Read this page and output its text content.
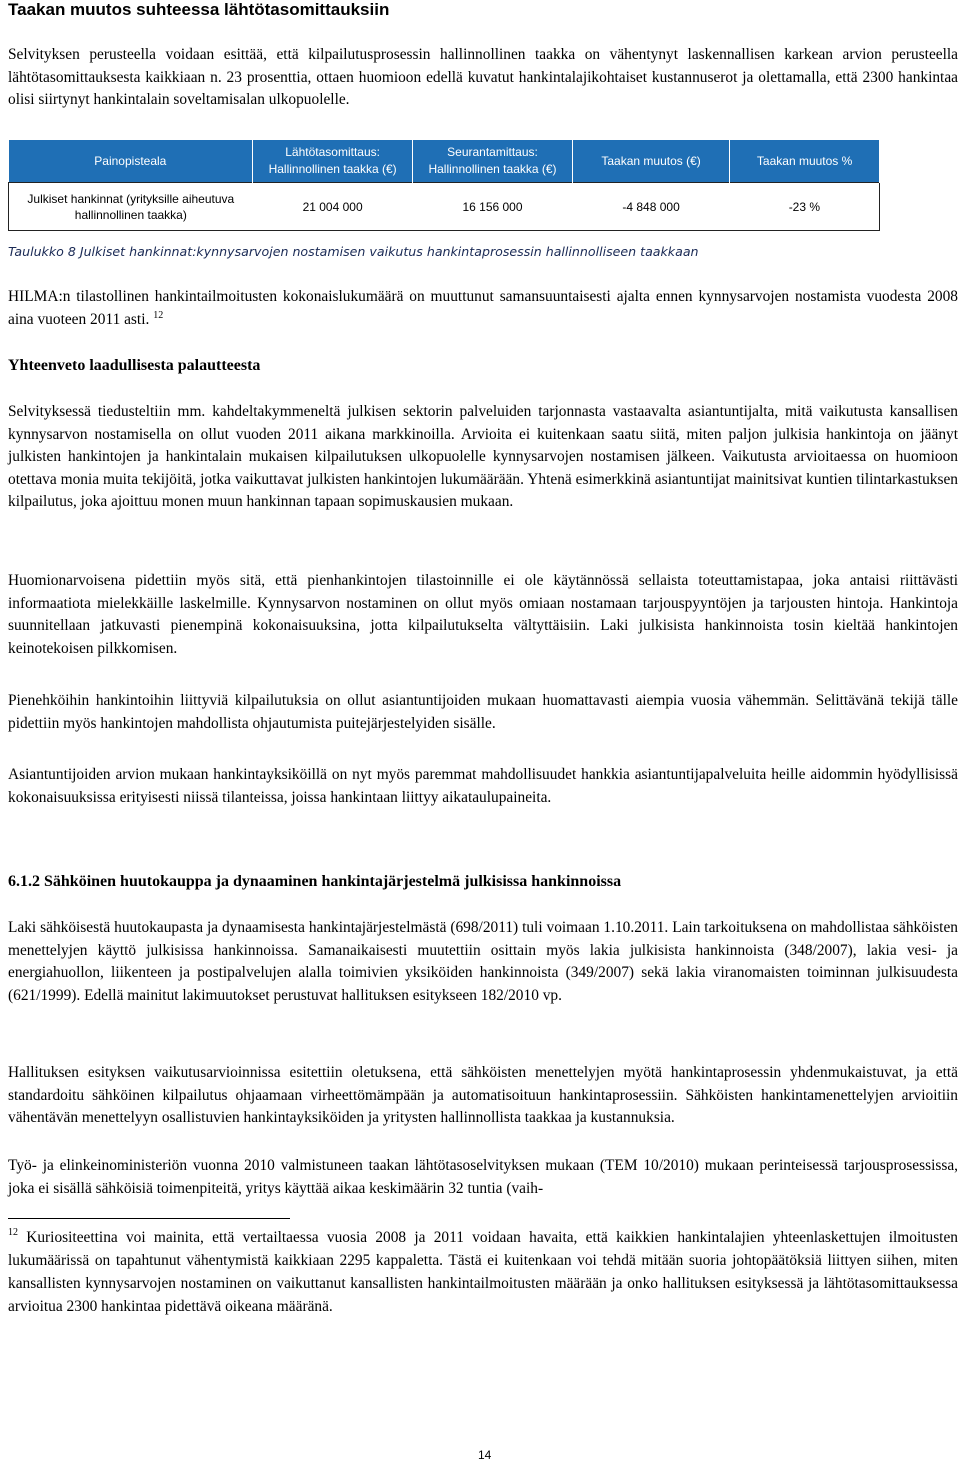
Taakan muutos suhteessa lähtötasomittauksiin

Selvityksen perusteella voidaan esittää, että kilpailutusprosessin hallinnollinen taakka on vähentynyt laskennallisen karkean arvion perusteella lähtötasomittauksesta kaikkiaan n. 23 prosenttia, ottaen huomioon edellä kuvatut hankintalajikohtaiset kustannuserot ja olettamalla, että 2300 hankintaa olisi siirtynyt hankintalain soveltamisalan ulkopuolelle.

Painopisteala	Lähtötasomittaus: Hallinnollinen taakka (€)	Seurantamittaus: Hallinnollinen taakka (€)	Taakan muutos (€)	Taakan muutos %
Julkiset hankinnat (yrityksille aiheutuva hallinnollinen taakka)	21 004 000	16 156 000	-4 848 000	-23 %
Taulukko 8 Julkiset hankinnat:kynnysarvojen nostamisen vaikutus hankintaprosessin hallinnolliseen taakkaan

HILMA:n tilastollinen hankintailmoitusten kokonaislukumäärä on muuttunut samansuuntaisesti ajalta ennen kynnysarvojen nostamista vuodesta 2008 aina vuoteen 2011 asti. $^{12}$

Yhteenveto laadullisesta palautteesta

Selvityksessä tiedusteltiin mm. kahdeltakymmeneltä julkisen sektorin palveluiden tarjonnasta vastaavalta asiantuntijalta, mitä vaikutusta kansallisen kynnysarvon nostamisella on ollut vuoden 2011 aikana markkinoilla. Arvioita ei kuitenkaan saatu siitä, miten paljon julkisia hankintoja on jäänyt julkisten hankintojen ja hankintalain mukaisen kilpailutuksen ulkopuolelle kynnysarvojen nostamisen jälkeen. Vaikutusta arvioitaessa on huomioon otettava monia muita tekijöitä, jotka vaikuttavat julkisten hankintojen lukumäärään. Yhtenä esimerkkinä asiantuntijat mainitsivat kuntien tilintarkastuksen kilpailutus, joka ajoittuu monen muun hankinnan tapaan sopimuskausien mukaan.

Huomionarvoisena pidettiin myös sitä, että pienhankintojen tilastoinnille ei ole käytännössä sellaista toteuttamistapaa, joka antaisi riittävästi informaatiota mielekkäille laskelmille. Kynnysarvon nostaminen on ollut myös omiaan nostamaan tarjouspyyntöjen ja tarjousten hintoja. Hankintoja suunnitellaan jatkuvasti pienempinä kokonaisuuksina, jotta kilpailutukselta vältyttäisiin. Laki julkisista hankinnoista tosin kieltää hankintojen keinotekoisen pilkkomisen.

Pienehköihin hankintoihin liittyviä kilpailutuksia on ollut asiantuntijoiden mukaan huomattavasti aiempia vuosia vähemmän. Selittävänä tekijä tälle pidettiin myös hankintojen mahdollista ohjautumista puitejärjestelyiden sisälle.

Asiantuntijoiden arvion mukaan hankintayksiköillä on nyt myös paremmat mahdollisuudet hankkia asiantuntijapalveluita heille aidommin hyödyllisissä kokonaisuuksissa erityisesti niissä tilanteissa, joissa hankintaan liittyy aikataulupaineita.

6.1.2 Sähköinen huutokauppa ja dynaaminen hankintajärjestelmä julkisissa hankinnoissa

Laki sähköisestä huutokaupasta ja dynaamisesta hankintajärjestelmästä (698/2011) tuli voimaan 1.10.2011. Lain tarkoituksena on mahdollistaa sähköisten menettelyjen käyttö julkisissa hankinnoissa. Samanaikaisesti muutettiin osittain myös lakia julkisista hankinnoista (348/2007), lakia vesi- ja energiahuollon, liikenteen ja postipalvelujen alalla toimivien yksiköiden hankinnoista (349/2007) sekä lakia viranomaisten toiminnan julkisuudesta (621/1999). Edellä mainitut lakimuutokset perustuvat hallituksen esitykseen 182/2010 vp.

Hallituksen esityksen vaikutusarvioinnissa esitettiin oletuksena, että sähköisten menettelyjen myötä hankintaprosessin yhdenmukaistuvat, ja että standardoitu sähköinen kilpailutus ohjaamaan virheettömämpään ja automatisoituun hankintaprosessiin. Sähköisten hankintamenettelyjen arvioitiin vähentävän menettelyyn osallistuvien hankintayksiköiden ja yritysten hallinnollista taakkaa ja kustannuksia.

Työ- ja elinkeinoministeriön vuonna 2010 valmistuneen taakan lähtötasoselvityksen mukaan (TEM 10/2010) mukaan perinteisessä tarjousprosessissa, joka ei sisällä sähköisiä toimenpiteitä, yritys käyttää aikaa keskimäärin 32 tuntia (vaih-

$^{12}$ Kuriositeettina voi mainita, että vertailtaessa vuosia 2008 ja 2011 voidaan havaita, että kaikkien hankintalajien yhteenlaskettujen ilmoitusten lukumäärissä on tapahtunut vähentymistä kaikkiaan 2295 kappaletta. Tästä ei kuitenkaan voi tehdä mitään suoria johtopäätöksiä liittyen siihen, miten kansallisten kynnysarvojen nostaminen on vaikuttanut kansallisten hankintailmoitusten määrään ja onko hallituksen esityksessä ja lähtötasomittauksessa arvioitua 2300 hankintaa pidettävä oikeana määränä.
14
